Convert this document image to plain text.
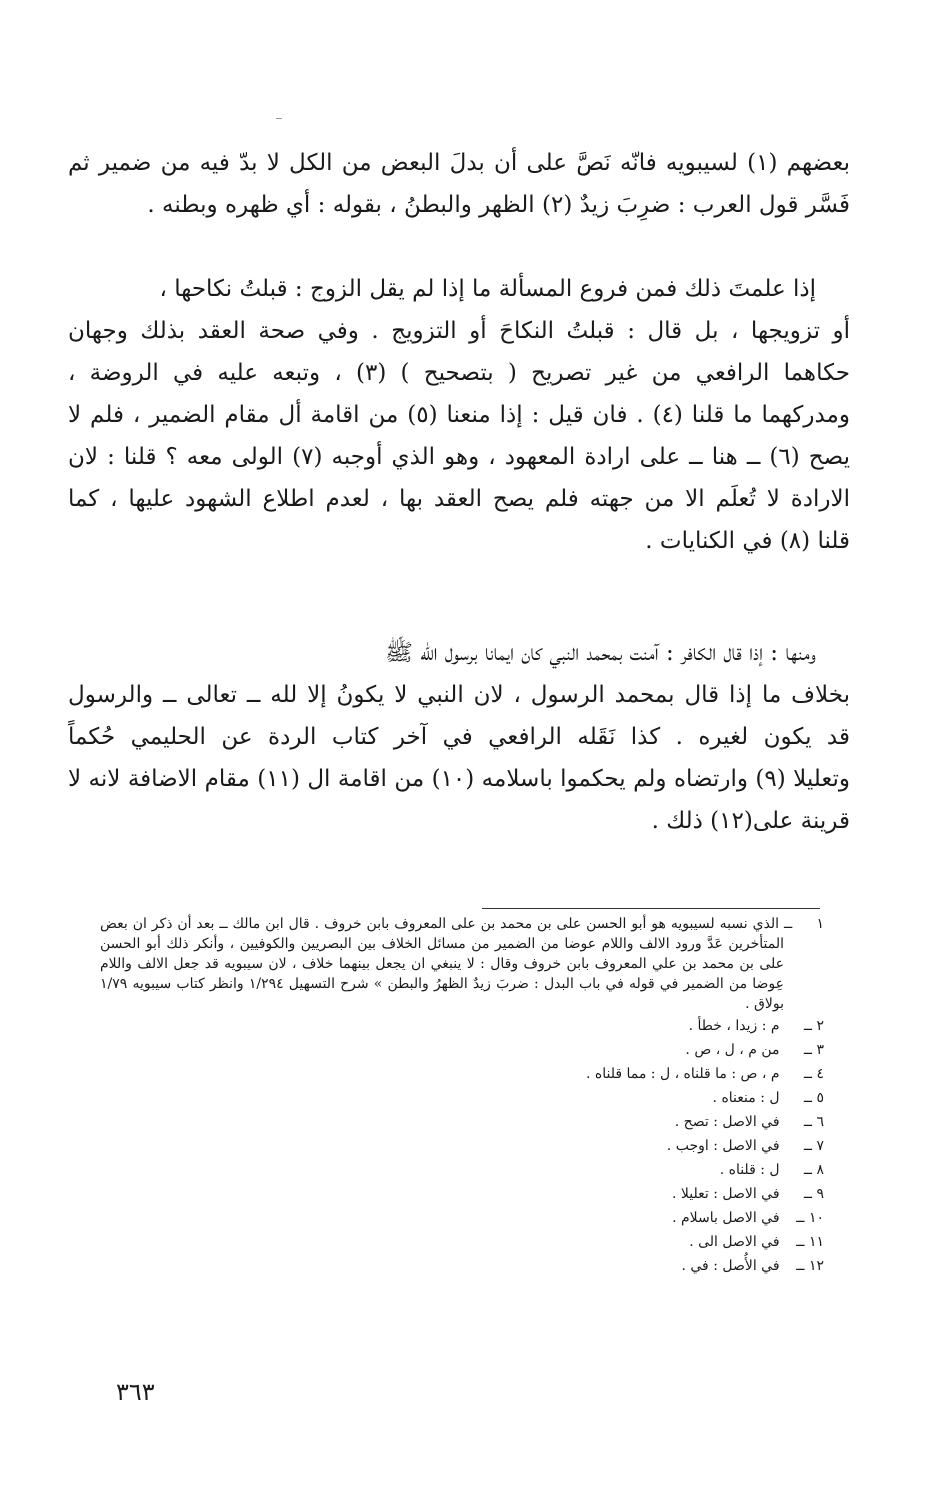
بعضهم (١) لسيبويه فانّه نَصَّ على أن بدلَ البعض من الكل لا بدّ فيه من ضمير ثم
فَسَّر قول العرب : ضرِبَ زيدٌ (٢) الظهر والبطنُ ، بقوله : أي ظهره وبطنه .
إذا علمتَ ذلك فمن فروع المسألة ما إذا لم يقل الزوج : قبلتُ نكاحها ،
أو تزويجها ، بل قال : قبلتُ النكاحَ أو التزويج . وفي صحة العقد بذلك وجهان
حكاهما الرافعي من غير تصريح ( بتصحيح ) (٣) ، وتبعه عليه في الروضة ،
ومدركهما ما قلنا (٤) . فان قيل : إذا منعنا (٥) من اقامة أل مقام الضمير ، فلم لا
يصح (٦) ــ هنا ــ على ارادة المعهود ، وهو الذي أوجبه (٧) الولى معه ؟ قلنا : لان
الارادة لا تُعلَم الا من جهته فلم يصح العقد بها ، لعدم اطلاع الشهود عليها ، كما
قلنا (٨) في الكنايات .
ومنها : إذا قال الكافر : آمنت بمحمد النبي كان ايمانا برسول الله ﷺ
بخلاف ما إذا قال بمحمد الرسول ، لان النبي لا يكونُ إلا لله ــ تعالى ــ والرسول
قد يكون لغيره . كذا نَقَله الرافعي في آخر كتاب الردة عن الحليمي حُكماً
وتعليلا (٩) وارتضاه ولم يحكموا باسلامه (١٠) من اقامة ال (١١) مقام الاضافة لانه لا
قرينة على(١٢) ذلك .
١ ــ الذي نسبه لسيبويه هو أبو الحسن على بن محمد بن على المعروف بابن خروف . قال ابن مالك ــ بعد أن ذكر ان بعض
المتأخرين عَدَّ ورود الالف واللام عوضا من الضمير من مسائل الخلاف بين البصريين والكوفيين ، وأنكر ذلك أبو الحسن
على بن محمد بن علي المعروف بابن خروف وقال : لا ينبغي ان يجعل بينهما خلاف ، لان سيبويه قد جعل الالف واللام
عِوضا من الضمير في قوله في باب البدل : ضربَ زيدٌ الظهرُ والبطن » شرح التسهيل ١/٢٩٤ وانظر كتاب سيبويه ١/٧٩
بولاق .
٢ ــ م : زيدا ، خطأ .
٣ ــ من م ، ل ، ص .
٤ ــ م ، ص : ما قلناه ، ل : مما قلناه .
٥ ــ ل : منعناه .
٦ ــ في الاصل : تصح .
٧ ــ في الاصل : اوجب .
٨ ــ ل : قلناه .
٩ ــ في الاصل : تعليلا .
١٠ ــ في الاصل باسلام .
١١ ــ في الاصل الى .
١٢ ــ في الأُصل : في .
٣٦٣
